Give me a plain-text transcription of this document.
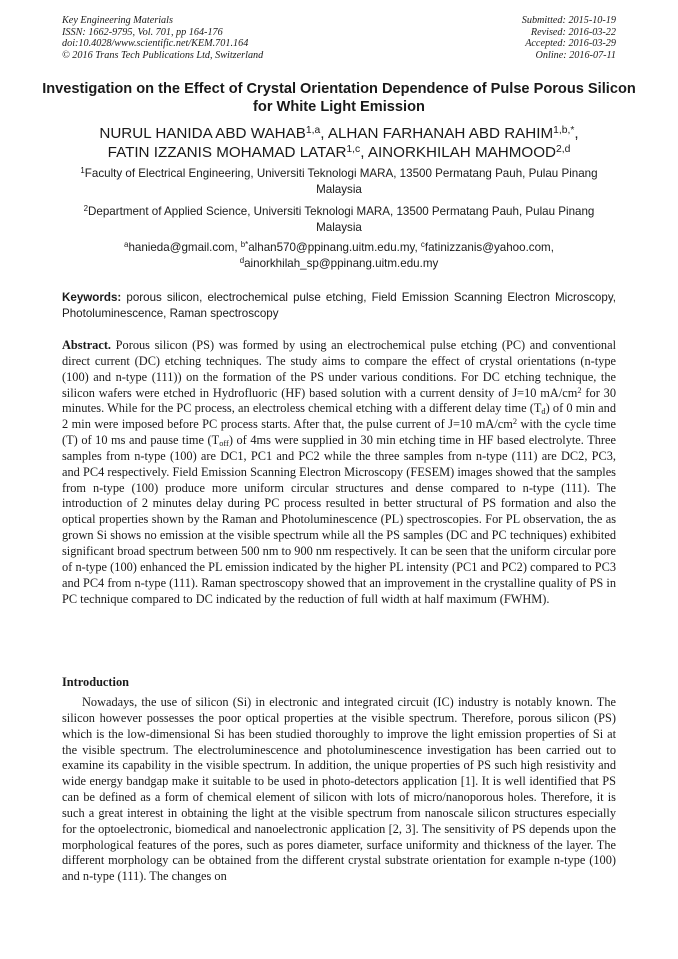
Key Engineering Materials
ISSN: 1662-9795, Vol. 701, pp 164-176
doi:10.4028/www.scientific.net/KEM.701.164
© 2016 Trans Tech Publications Ltd, Switzerland
Submitted: 2015-10-19
Revised: 2016-03-22
Accepted: 2016-03-29
Online: 2016-07-11
Investigation on the Effect of Crystal Orientation Dependence of Pulse Porous Silicon for White Light Emission
NURUL HANIDA ABD WAHAB$^{1,a}$, ALHAN FARHANAH ABD $RAHIM^{1,b,*}$,
FATIN IZZANIS MOHAMAD LATAR$^{1,c}$, AINORKHILAH MAHMOOD$^{2,d}$
$^1$Faculty of Electrical Engineering, Universiti Teknologi MARA, 13500 Permatang Pauh, Pulau Pinang Malaysia
$^2$Department of Applied Science, Universiti Teknologi MARA, 13500 Permatang Pauh, Pulau Pinang Malaysia
$^a$hanieda@gmail.com, $^{b*}$alhan570@ppinang.uitm.edu.my, $^c$fatinizzanis@yahoo.com,
$^d$ainorkhilah_sp@ppinang.uitm.edu.my
Keywords: porous silicon, electrochemical pulse etching, Field Emission Scanning Electron Microscopy, Photoluminescence, Raman spectroscopy
Abstract. Porous silicon (PS) was formed by using an electrochemical pulse etching (PC) and conventional direct current (DC) etching techniques. The study aims to compare the effect of crystal orientations (n-type (100) and n-type (111)) on the formation of the PS under various conditions. For DC etching technique, the silicon wafers were etched in Hydrofluoric (HF) based solution with a current density of J=10 $mA/cm^2$ for 30 minutes. While for the PC process, an electroless chemical etching with a different delay time $(T_d)$ of 0 min and 2 min were imposed before PC process starts. After that, the pulse current of J=10 $mA/cm^2$ with the cycle time (T) of 10 ms and pause time $(T_{off})$ of 4ms were supplied in 30 min etching time in HF based electrolyte. Three samples from n-type (100) are DC1, PC1 and PC2 while the three samples from n-type (111) are DC2, PC3, and PC4 respectively. Field Emission Scanning Electron Microscopy (FESEM) images showed that the samples from n-type (100) produce more uniform circular structures and dense compared to n-type (111). The introduction of 2 minutes delay during PC process resulted in better structural of PS formation and also the optical properties shown by the Raman and Photoluminescence (PL) spectroscopies. For PL observation, the as grown Si shows no emission at the visible spectrum while all the PS samples (DC and PC techniques) exhibited significant broad spectrum between 500 nm to 900 nm respectively. It can be seen that the uniform circular pore of n-type (100) enhanced the PL emission indicated by the higher PL intensity (PC1 and PC2) compared to PC3 and PC4 from n-type (111). Raman spectroscopy showed that an improvement in the crystalline quality of PS in PC technique compared to DC indicated by the reduction of full width at half maximum (FWHM).
Introduction
Nowadays, the use of silicon (Si) in electronic and integrated circuit (IC) industry is notably known. The silicon however possesses the poor optical properties at the visible spectrum. Therefore, porous silicon (PS) which is the low-dimensional Si has been studied thoroughly to improve the light emission properties of Si at the visible spectrum. The electroluminescence and photoluminescence investigation has been carried out to examine its capability in the visible spectrum. In addition, the unique properties of PS such high resistivity and wide energy bandgap make it suitable to be used in photo-detectors application [1]. It is well identified that PS can be defined as a form of chemical element of silicon with lots of micro/nanoporous holes. Therefore, it is such a great interest in obtaining the light at the visible spectrum from nanoscale silicon structures especially for the optoelectronic, biomedical and nanoelectronic application [2, 3]. The sensitivity of PS depends upon the morphological features of the pores, such as pores diameter, surface uniformity and thickness of the layer. The different morphology can be obtained from the different crystal substrate orientation for example n-type (100) and n-type (111). The changes on
